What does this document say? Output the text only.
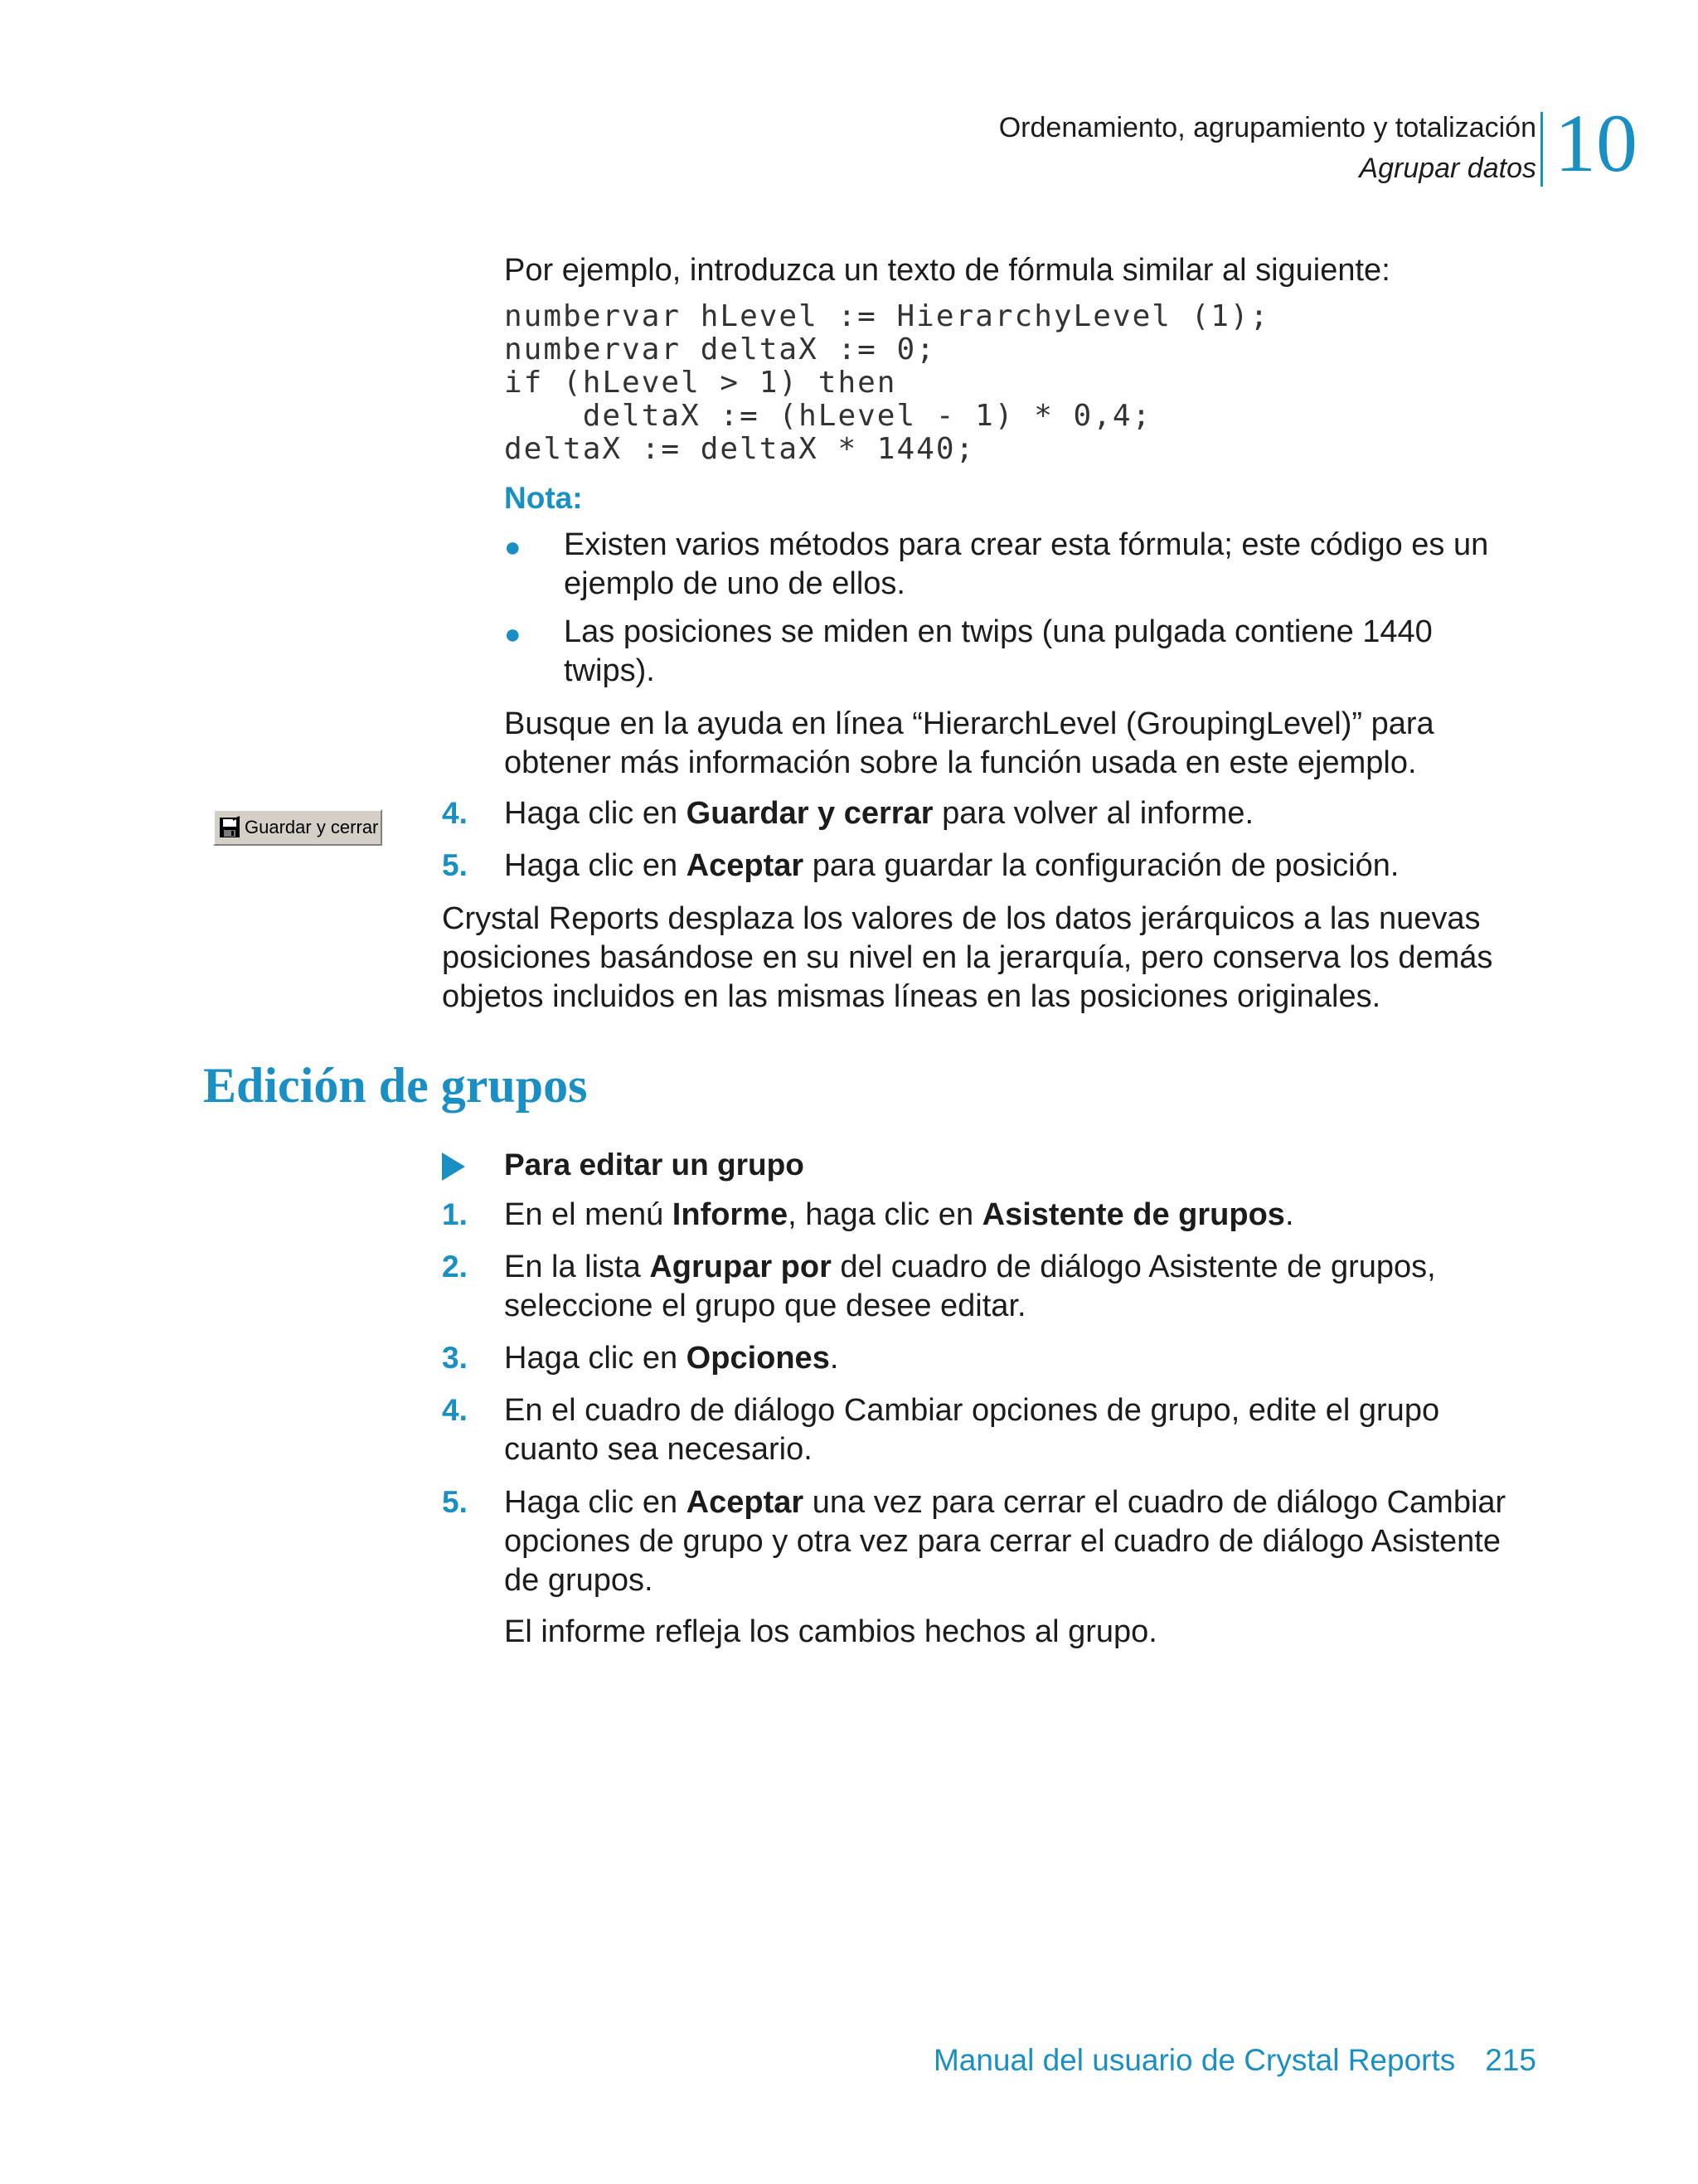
Ordenamiento, agrupamiento y totalización
Agrupar datos 10
Por ejemplo, introduzca un texto de fórmula similar al siguiente:
numbervar hLevel := HierarchyLevel (1);
numbervar deltaX := 0;
if (hLevel > 1) then
deltaX := (hLevel - 1) * 0,4;
deltaX := deltaX * 1440;
Nota:
● Existen varios métodos para crear esta fórmula; este código es un ejemplo de uno de ellos.
● Las posiciones se miden en twips (una pulgada contiene 1440 twips).
Busque en la ayuda en línea “HierarchLevel (GroupingLevel)” para obtener más información sobre la función usada en este ejemplo.
Guardar y cerrar 4. Haga clic en Guardar y cerrar para volver al informe.
5. Haga clic en Aceptar para guardar la configuración de posición.
Crystal Reports desplaza los valores de los datos jerárquicos a las nuevas posiciones basándose en su nivel en la jerarquía, pero conserva los demás objetos incluidos en las mismas líneas en las posiciones originales.
Edición de grupos
Para editar un grupo
1. En el menú Informe, haga clic en Asistente de grupos.
2. En la lista Agrupar por del cuadro de diálogo Asistente de grupos, seleccione el grupo que desee editar.
3. Haga clic en Opciones.
4. En el cuadro de diálogo Cambiar opciones de grupo, edite el grupo cuanto sea necesario.
5. Haga clic en Aceptar una vez para cerrar el cuadro de diálogo Cambiar opciones de grupo y otra vez para cerrar el cuadro de diálogo Asistente de grupos.
El informe refleja los cambios hechos al grupo.
Manual del usuario de Crystal Reports 215
